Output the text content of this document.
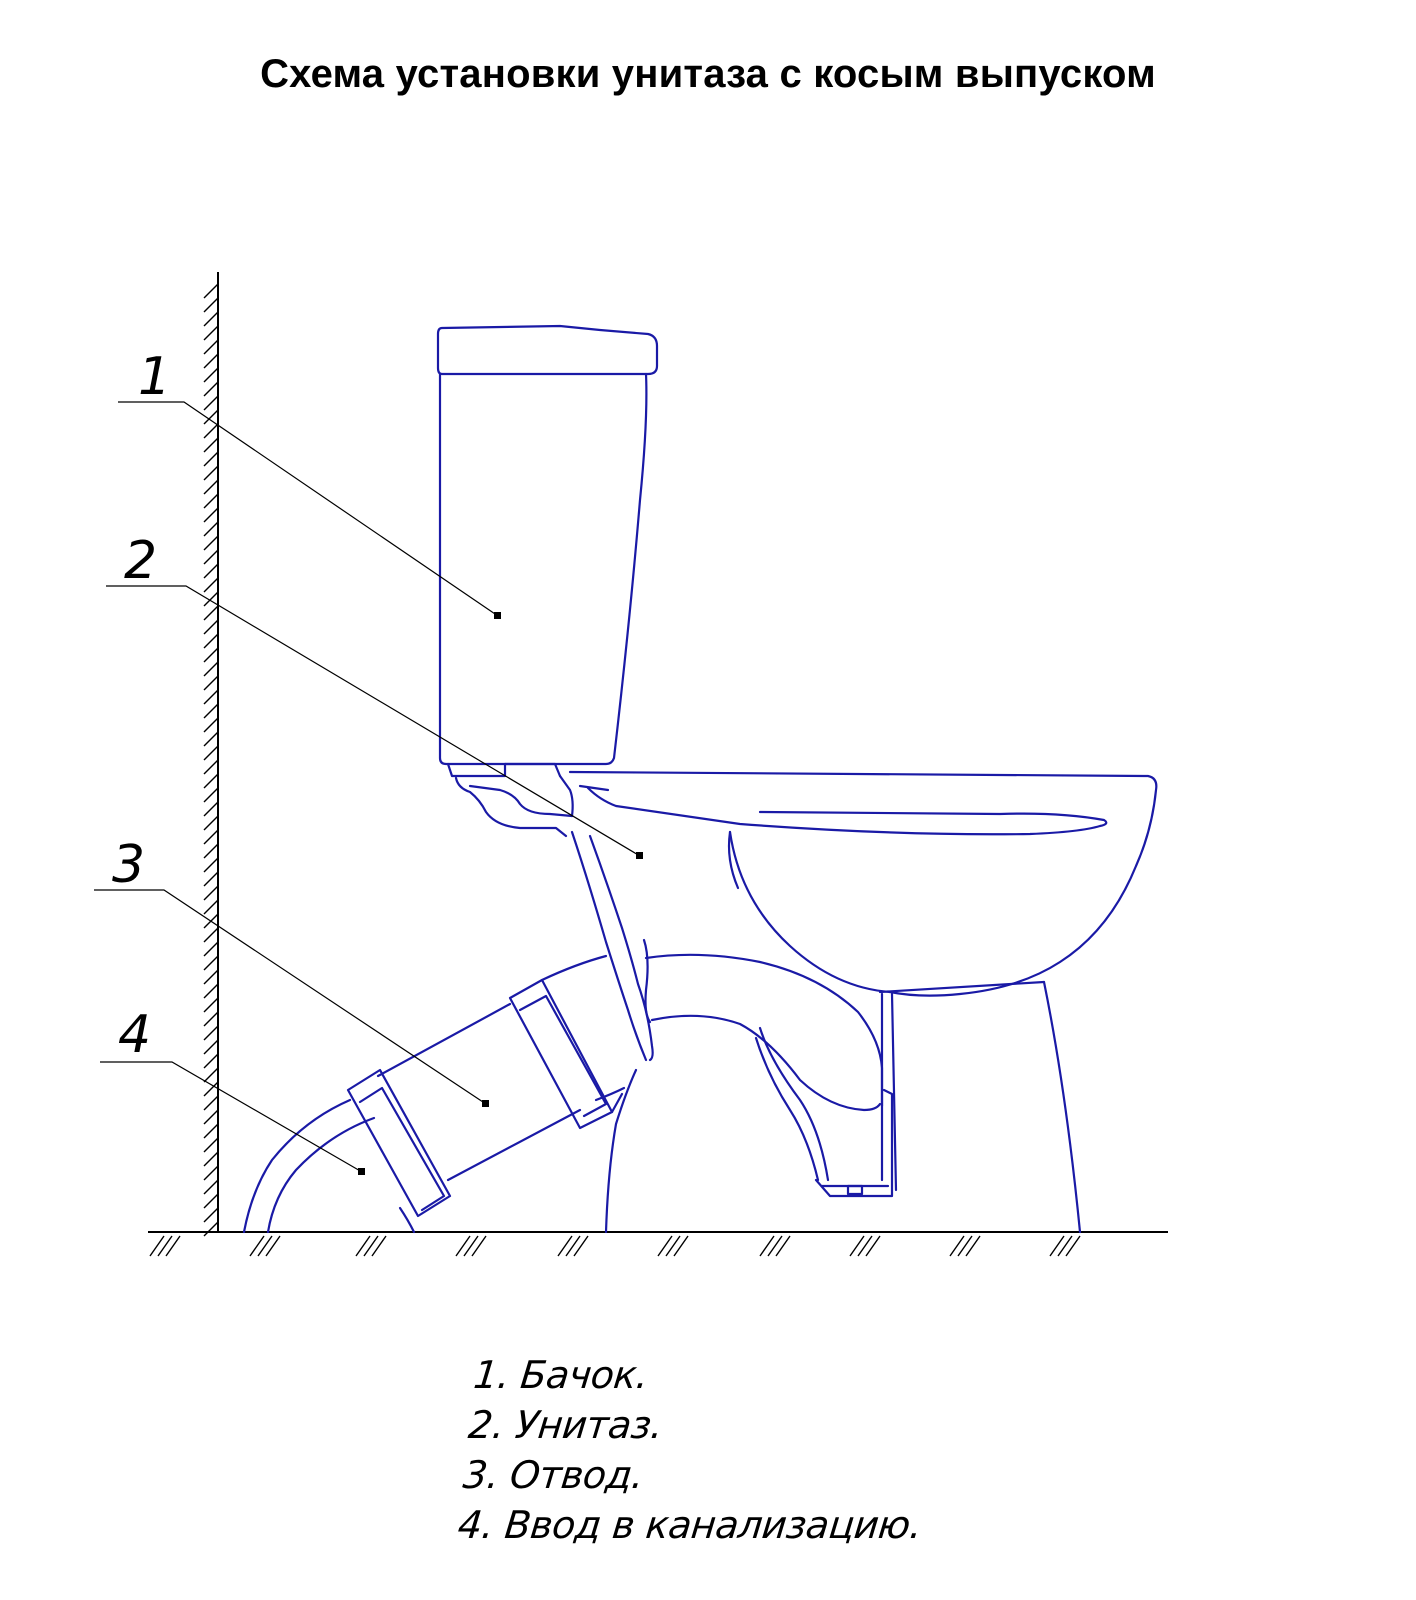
Схема установки унитаза с косым выпуском
1
2
3
4
1. Бачок.
2. Унитаз.
3. Отвод.
4. Ввод в канализацию.
